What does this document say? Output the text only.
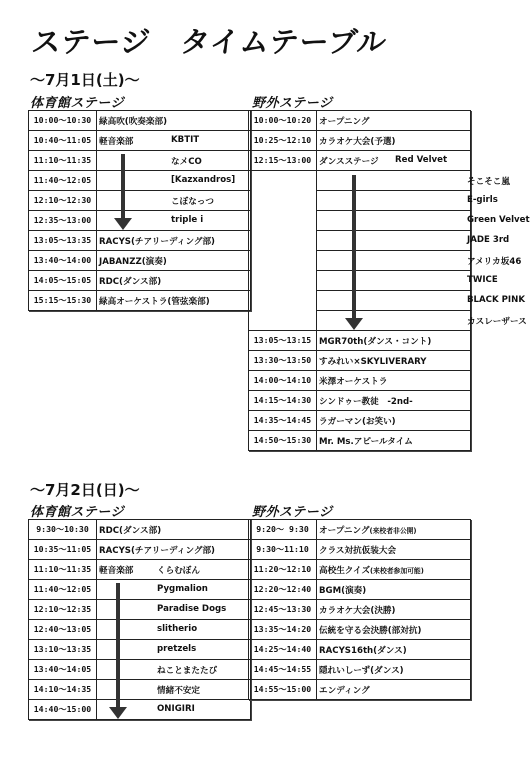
ステージ　タイムテーブル
～7月1日(土)～
体育館ステージ	野外ステージ
10:00～10:30	緑高吹(吹奏楽部)
10:40～11:05	軽音楽部 KBTIT

11:10～11:35	なメCO

11:40～12:05	[Kazxandros]

12:10～12:30	こぼなっつ

12:35～13:00	triple i

13:05～13:35	RACYS(チアリーディング部)
13:40～14:00	JABANZZ(演奏)
14:05～15:05	RDC(ダンス部)
15:15～15:30	緑高オーケストラ(管弦楽部)
10:00～10:20	オープニング
10:25～12:10	カラオケ大会(予選)
12:15～13:00	ダンスステージ Red Velvet

	そこそこ嵐

	E-girls

	Green Velvet

	JADE 3rd

	アメリカ坂46

	TWICE

	BLACK PINK

	カスレーザース

13:05～13:15	MGR70th(ダンス・コント)
13:30～13:50	すみれい×SKYLIVERARY
14:00～14:10	米澤オーケストラ
14:15～14:30	シンドゥー教徒　-2nd-
14:35～14:45	ラガーマン(お笑い)
14:50～15:30	Mr. Ms.アピールタイム
～7月2日(日)～
体育館ステージ	野外ステージ
9:30～10:30	RDC(ダンス部)
10:35～11:05	RACYS(チアリーディング部)
11:10～11:35	軽音楽部 くらむぼん

11:40～12:05	Pygmalion

12:10～12:35	Paradise Dogs

12:40～13:05	slitherio

13:10～13:35	pretzels

13:40～14:05	ねことまたたび

14:10～14:35	情緒不安定

14:40～15:00	ONIGIRI
9:20～ 9:30	オープニング(来校者非公開)
9:30～11:10	クラス対抗仮装大会
11:20～12:10	高校生クイズ(来校者参加可能)
12:20～12:40	BGM(演奏)
12:45～13:30	カラオケ大会(決勝)
13:35～14:20	伝統を守る会決勝(部対抗)
14:25～14:40	RACYS16th(ダンス)
14:45～14:55	隠れいしーず(ダンス)
14:55～15:00	エンディング
